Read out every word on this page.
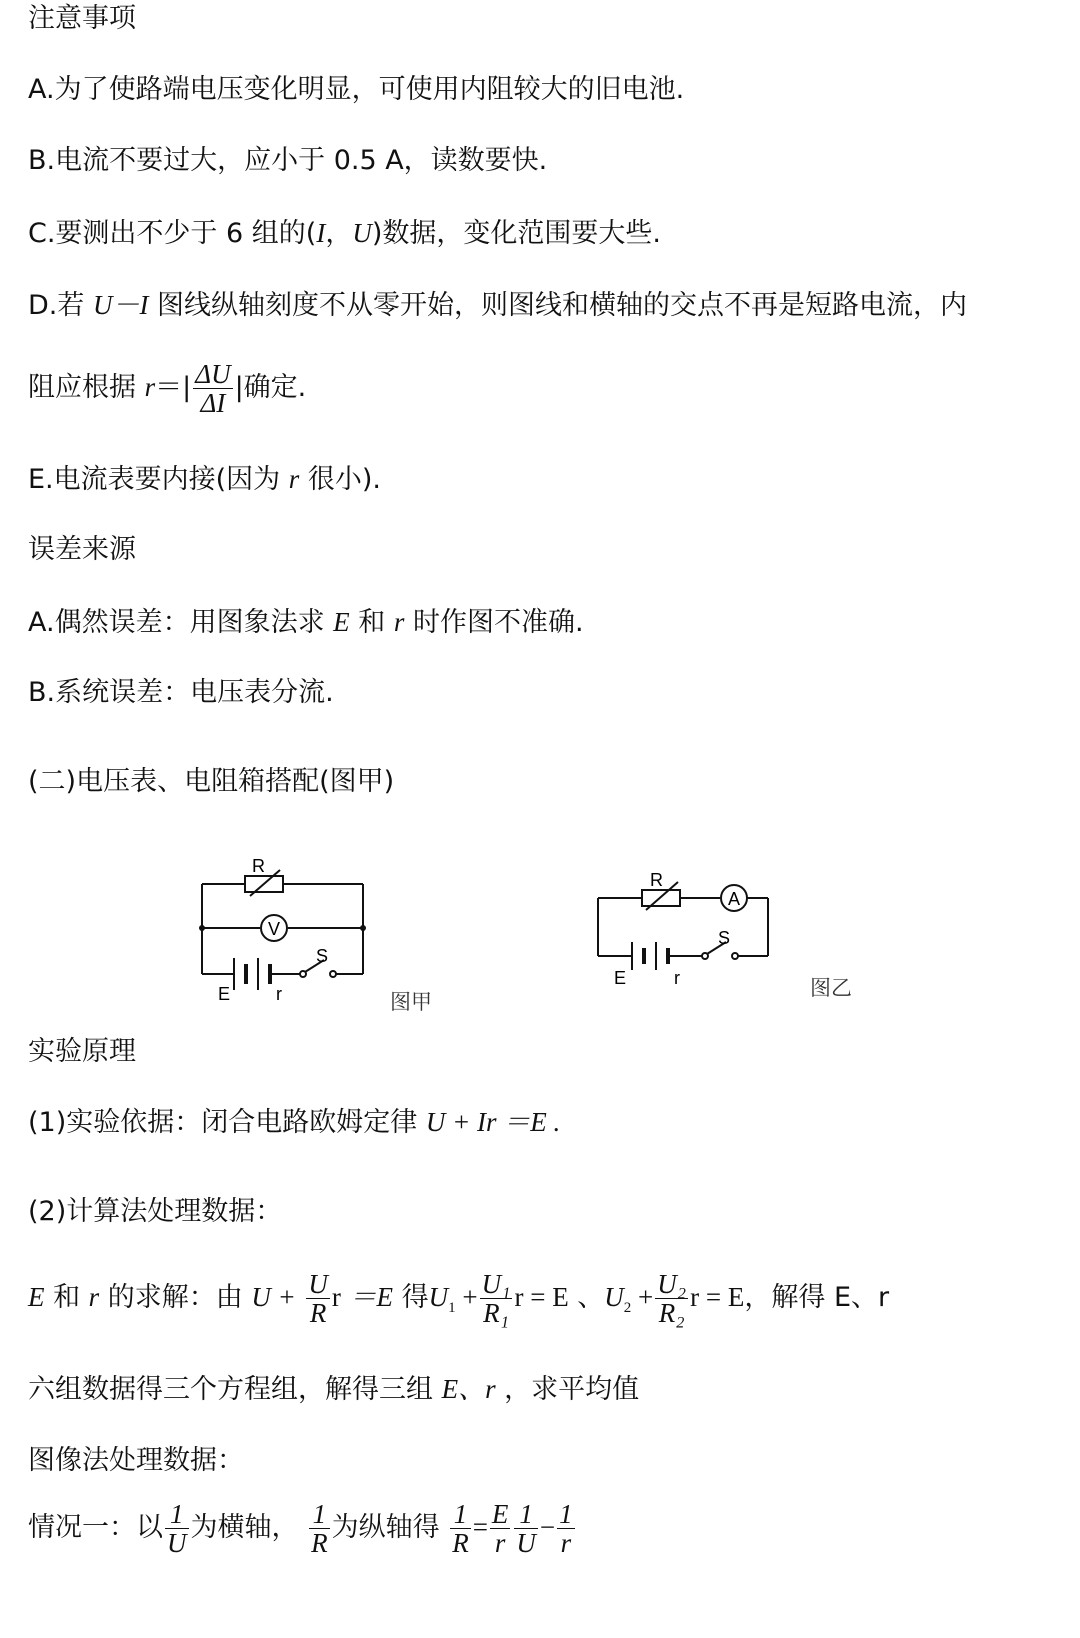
注意事项
A.为了使路端电压变化明显，可使用内阻较大的旧电池.
B.电流不要过大，应小于 0.5 A，读数要快.
C.要测出不少于 6 组的(I，U)数据，变化范围要大些.
D.若 U－I 图线纵轴刻度不从零开始，则图线和横轴的交点不再是短路电流，内
阻应根据 $r=| \frac{\Delta U}{\Delta I}$ |确定.
E.电流表要内接(因为 r 很小).
误差来源
A.偶然误差：用图象法求 E 和 r 时作图不准确.
B.系统误差：电压表分流.
(二)电压表、电阻箱搭配(图甲)
R
V
S
E	r	图甲
R
A
S
E	r	图乙
实验原理
(1)实验依据：闭合电路欧姆定律 U + Ir ＝E .
(2)计算法处理数据：
E 和 r 的求解：由 $U + \frac{U}{R}$ r ＝E 得$U_1 + \frac{\text{U₁}}{\text{R₁}}$ r = E 、$U_2 + \frac{\text{U₂}}{\text{R₂}}$ r = E，解得 E、r
六组数据得三个方程组，解得三组 E、r ，求平均值
图像法处理数据：
情况一：以 $\frac{1}{U}$ 为横轴， $\frac{1}{R}$ 为纵轴得 $\frac{1}{R} = \frac{E}{r} \frac{1}{U} - \frac{1}{r}$
